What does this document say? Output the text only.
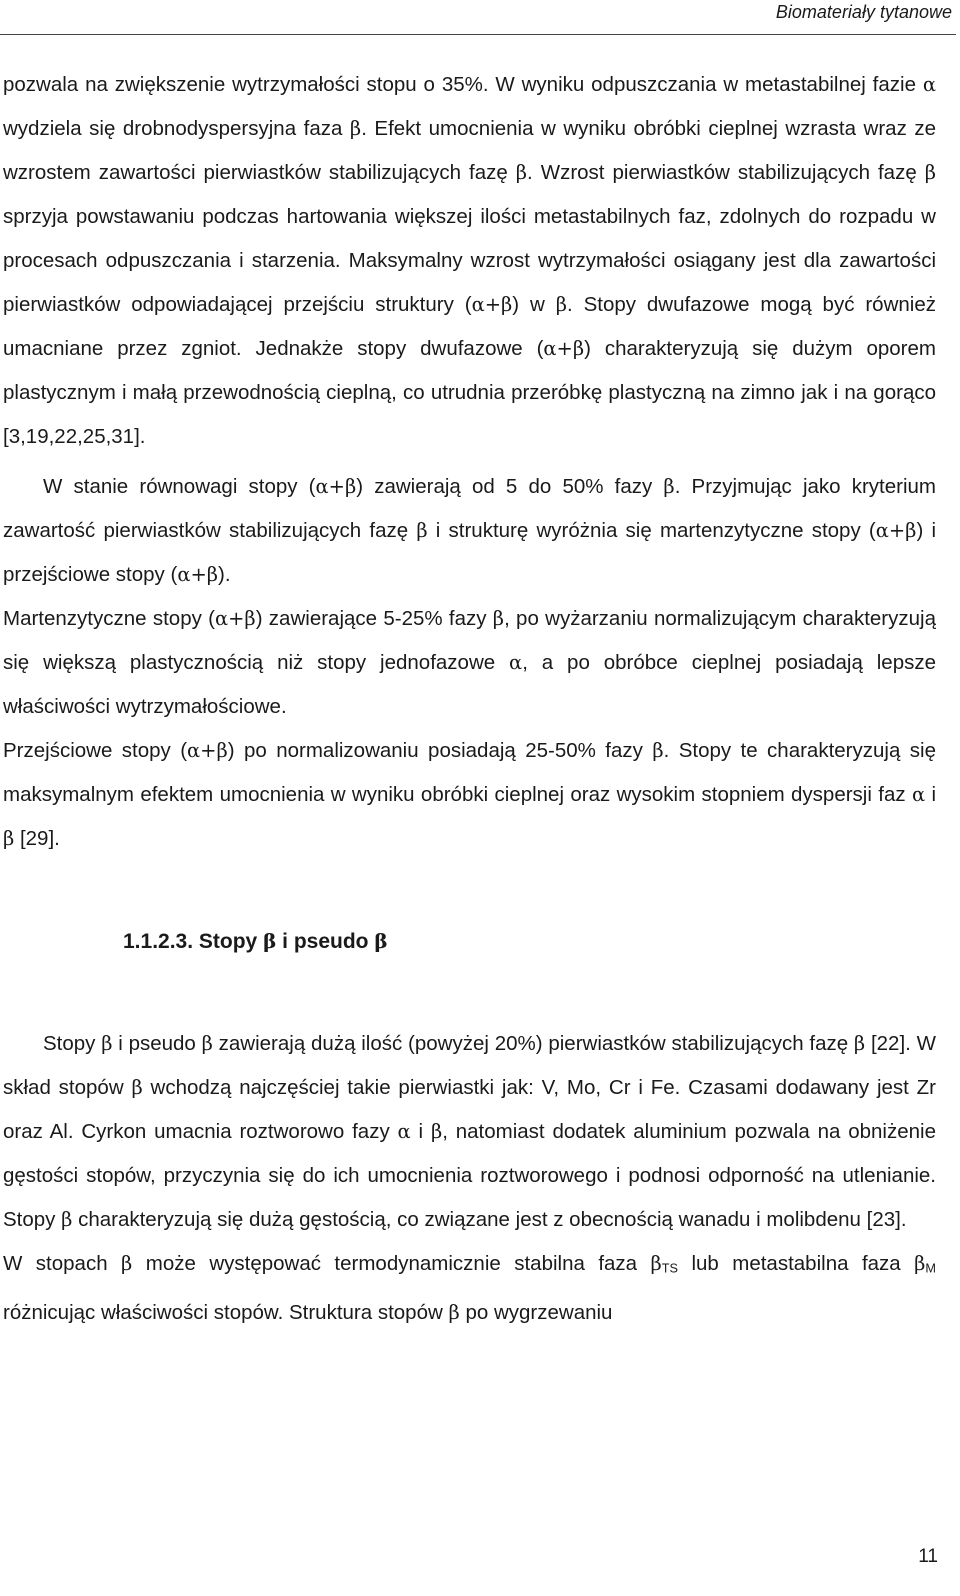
Biomateriały tytanowe

pozwala na zwiększenie wytrzymałości stopu o 35%. W wyniku odpuszczania w metastabilnej fazie α wydziela się drobnodyspersyjna faza β. Efekt umocnienia w wyniku obróbki cieplnej wzrasta wraz ze wzrostem zawartości pierwiastków stabilizujących fazę β. Wzrost pierwiastków stabilizujących fazę β sprzyja powstawaniu podczas hartowania większej ilości metastabilnych faz, zdolnych do rozpadu w procesach odpuszczania i starzenia. Maksymalny wzrost wytrzymałości osiągany jest dla zawartości pierwiastków odpowiadającej przejściu struktury (α+β) w β. Stopy dwufazowe mogą być również umacniane przez zgniot. Jednakże stopy dwufazowe (α+β) charakteryzują się dużym oporem plastycznym i małą przewodnością cieplną, co utrudnia przeróbkę plastyczną na zimno jak i na gorąco [3,19,22,25,31].

W stanie równowagi stopy (α+β) zawierają od 5 do 50% fazy β. Przyjmując jako kryterium zawartość pierwiastków stabilizujących fazę β i strukturę wyróżnia się martenzytyczne stopy (α+β) i przejściowe stopy (α+β).

Martenzytyczne stopy (α+β) zawierające 5-25% fazy β, po wyżarzaniu normalizującym charakteryzują się większą plastycznością niż stopy jednofazowe α, a po obróbce cieplnej posiadają lepsze właściwości wytrzymałościowe.

Przejściowe stopy (α+β) po normalizowaniu posiadają 25-50% fazy β. Stopy te charakteryzują się maksymalnym efektem umocnienia w wyniku obróbki cieplnej oraz wysokim stopniem dyspersji faz α i β [29].

1.1.2.3. Stopy β i pseudo β

Stopy β i pseudo β zawierają dużą ilość (powyżej 20%) pierwiastków stabilizujących fazę β [22]. W skład stopów β wchodzą najczęściej takie pierwiastki jak: V, Mo, Cr i Fe. Czasami dodawany jest Zr oraz Al. Cyrkon umacnia roztworowo fazy α i β, natomiast dodatek aluminium pozwala na obniżenie gęstości stopów, przyczynia się do ich umocnienia roztworowego i podnosi odporność na utlenianie. Stopy β charakteryzują się dużą gęstością, co związane jest z obecnością wanadu i molibdenu [23].

W stopach β może występować termodynamicznie stabilna faza βTS lub metastabilna faza βM różnicując właściwości stopów. Struktura stopów β po wygrzewaniu

11
